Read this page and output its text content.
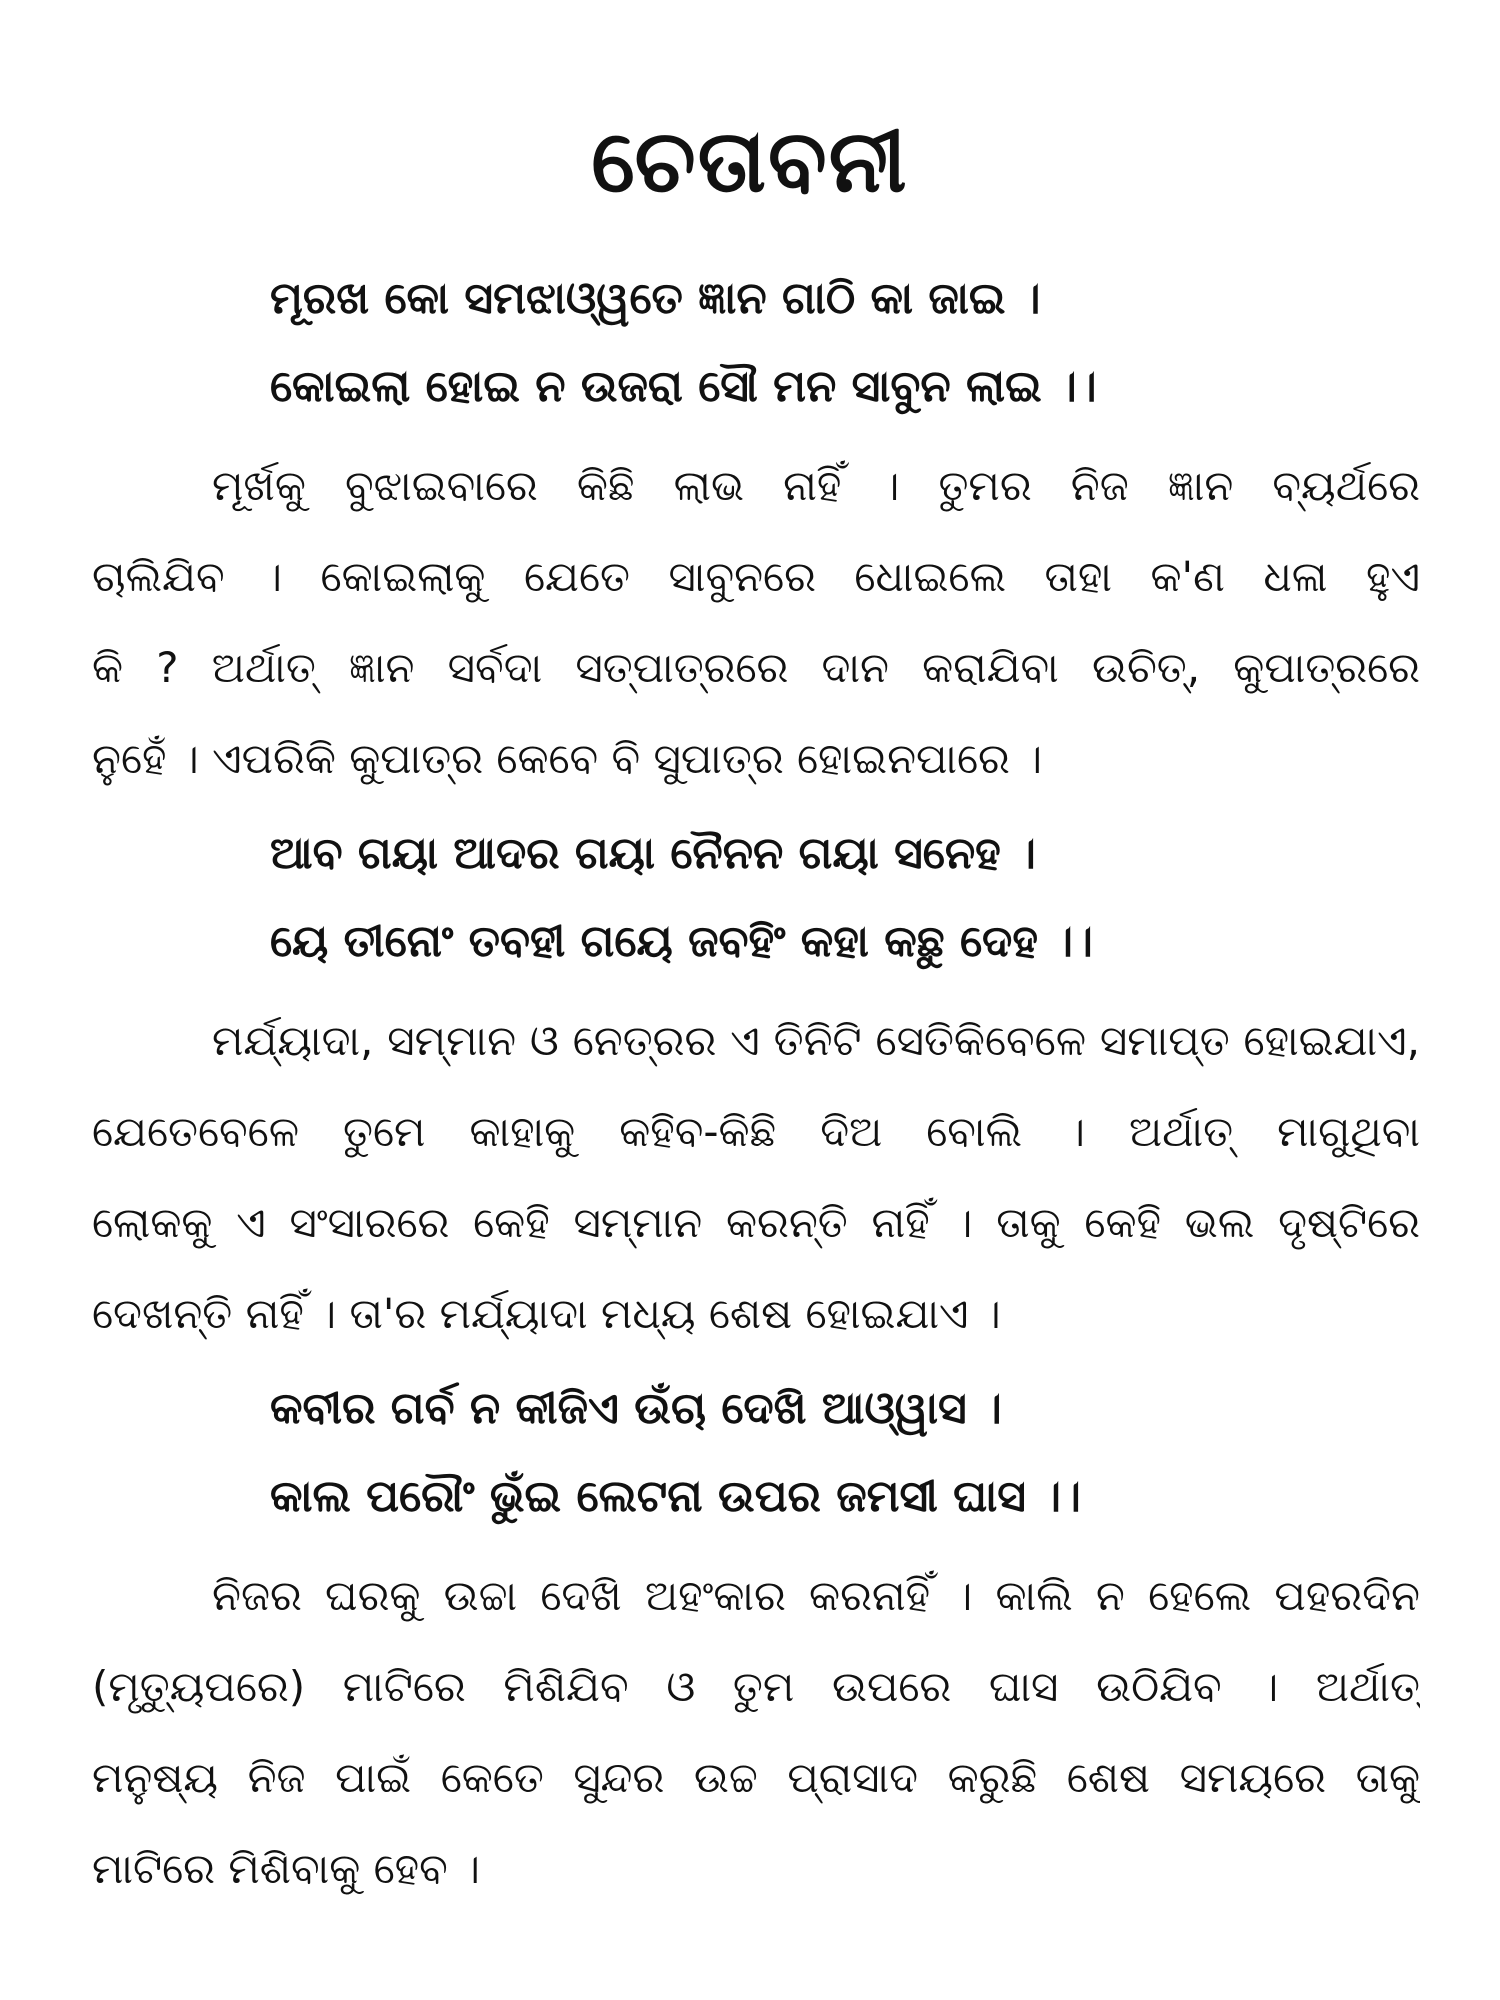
ଚେତାବନୀ
ମୂରଖ କୋ ସମଝାଓ୍ୱତେ ଜ୍ଞାନ ଗାଠି କା ଜାଇ ।
କୋଇଲା ହୋଇ ନ ଉଜରା ସୌ ମନ ସାବୁନ ଲାଇ ।।
ମୂର୍ଖକୁ ବୁଝାଇବାରେ କିଛି ଲାଭ ନାହିଁ । ତୁମର ନିଜ ଜ୍ଞାନ ବ୍ୟର୍ଥରେ
ଚାଲିଯିବ । କୋଇଲାକୁ ଯେତେ ସାବୁନରେ ଧୋଇଲେ ତାହା କ'ଣ ଧଳା ହୁଏ
କି ? ଅର୍ଥାତ୍ ଜ୍ଞାନ ସର୍ବଦା ସତ୍‌ପାତ୍ରରେ ଦାନ କରାଯିବା ଉଚିତ୍, କୁପାତ୍ରରେ
ନୁହେଁ । ଏପରିକି କୁପାତ୍ର କେବେ ବି ସୁପାତ୍ର ହୋଇନପାରେ ।
ଆବ ଗୟା ଆଦର ଗୟା ନୈନନ ଗୟା ସନେହ ।
ୟେ ତୀନୋଂ ତବହୀ ଗୟେ ଜବହିଂ କହା କଛୁ ଦେହ ।।
ମର୍ଯ୍ୟାଦା, ସମ୍ମାନ ଓ ନେତ୍ରର ଏ ତିନିଟି ସେତିକିବେଳେ ସମାପ୍ତ ହୋଇଯାଏ,
ଯେତେବେଳେ ତୁମେ କାହାକୁ କହିବ-କିଛି ଦିଅ ବୋଲି । ଅର୍ଥାତ୍ ମାଗୁଥିବା
ଲୋକକୁ ଏ ସଂସାରରେ କେହି ସମ୍ମାନ କରନ୍ତି ନାହିଁ । ତାକୁ କେହି ଭଲ ଦୃଷ୍ଟିରେ
ଦେଖନ୍ତି ନାହିଁ । ତା'ର ମର୍ଯ୍ୟାଦା ମଧ୍ୟ ଶେଷ ହୋଇଯାଏ ।
କବୀର ଗର୍ବ ନ କୀଜିଏ ଉଁଚା ଦେଖି ଆଓ୍ୱାସ ।
କାଲ ପରୌଂ ଭୁଁଇ ଲେଟନା ଉପର ଜମସୀ ଘାସ ।।
ନିଜର ଘରକୁ ଉଚ୍ଚା ଦେଖି ଅହଂକାର କରନାହିଁ । କାଲି ନ ହେଲେ ପହରଦିନ
(ମୃତ୍ୟୁପରେ) ମାଟିରେ ମିଶିଯିବ ଓ ତୁମ ଉପରେ ଘାସ ଉଠିଯିବ । ଅର୍ଥାତ୍
ମନୁଷ୍ୟ ନିଜ ପାଇଁ କେତେ ସୁନ୍ଦର ଉଚ୍ଚ ପ୍ରାସାଦ କରୁଛି ଶେଷ ସମୟରେ ତାକୁ
ମାଟିରେ ମିଶିବାକୁ ହେବ ।
